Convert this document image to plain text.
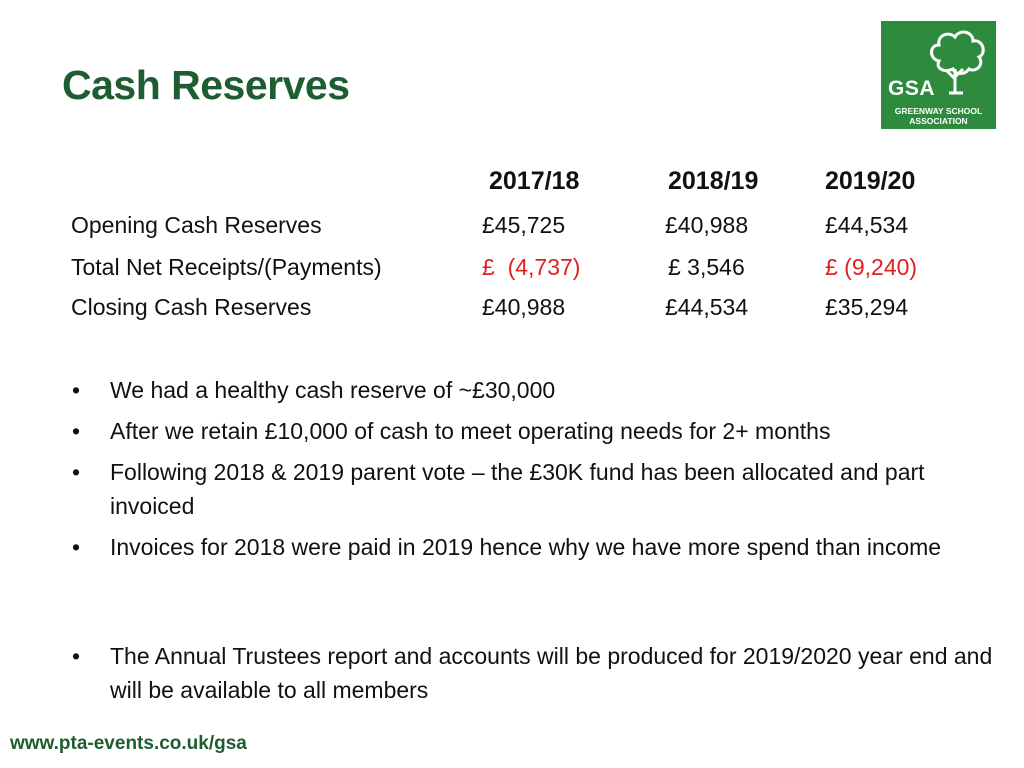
Cash Reserves	GSA
GREENWAY SCHOOL
ASSOCIATION
2017/18	2018/19	2019/20
Opening Cash Reserves	£45,725	£40,988	£44,534
Total Net Receipts/(Payments)	£  (4,737)	£ 3,546	£ (9,240)
Closing Cash Reserves	£40,988	£44,534	£35,294
•	We had a healthy cash reserve of ~£30,000
•	After we retain £10,000 of cash to meet operating needs for 2+ months
•	Following 2018 & 2019 parent vote – the £30K fund has been allocated and part invoiced
•	Invoices for 2018 were paid in 2019 hence why we have more spend than income
•	The Annual Trustees report and accounts will be produced for 2019/2020 year end and will be available to all members
www.pta-events.co.uk/gsa
